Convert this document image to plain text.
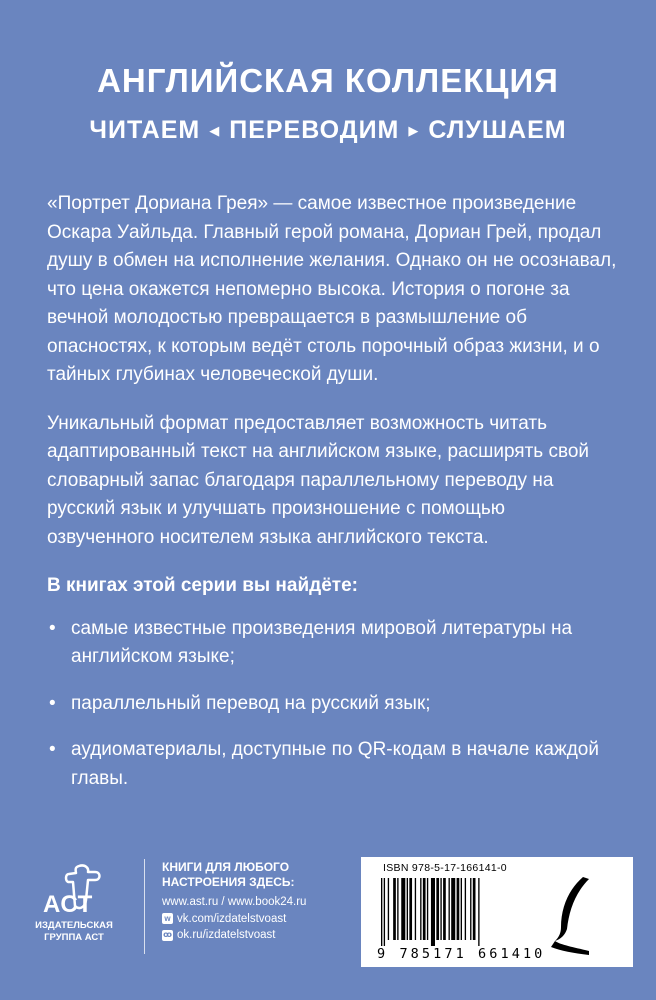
АНГЛИЙСКАЯ КОЛЛЕКЦИЯ
ЧИТАЕМ ◀ ПЕРЕВОДИМ ▶ СЛУШАЕМ

«Портрет Дориана Грея» — самое известное произведение Оскара Уайльда. Главный герой романа, Дориан Грей, продал душу в обмен на исполнение желания. Однако он не осознавал, что цена окажется непомерно высока. История о погоне за вечной молодостью превращается в размышление об опасностях, к которым ведёт столь порочный образ жизни, и о тайных глубинах человеческой души.

Уникальный формат предоставляет возможность читать адаптированный текст на английском языке, расширять свой словарный запас благодаря параллельному переводу на русский язык и улучшать произношение с помощью озвученного носителем языка английского текста.

В книгах этой серии вы найдёте:

• самые известные произведения мировой литературы на английском языке;
• параллельный перевод на русский язык;
• аудиоматериалы, доступные по QR-кодам в начале каждой главы.
ACT
ИЗДАТЕЛЬСКАЯ
ГРУППА АСТ
КНИГИ ДЛЯ ЛЮБОГО
НАСТРОЕНИЯ ЗДЕСЬ:
www.ast.ru / www.book24.ru
w vk.com/izdatelstvoast
ꝏ ok.ru/izdatelstvoast
ISBN 978-5-17-166141-0
9 785171 661410
